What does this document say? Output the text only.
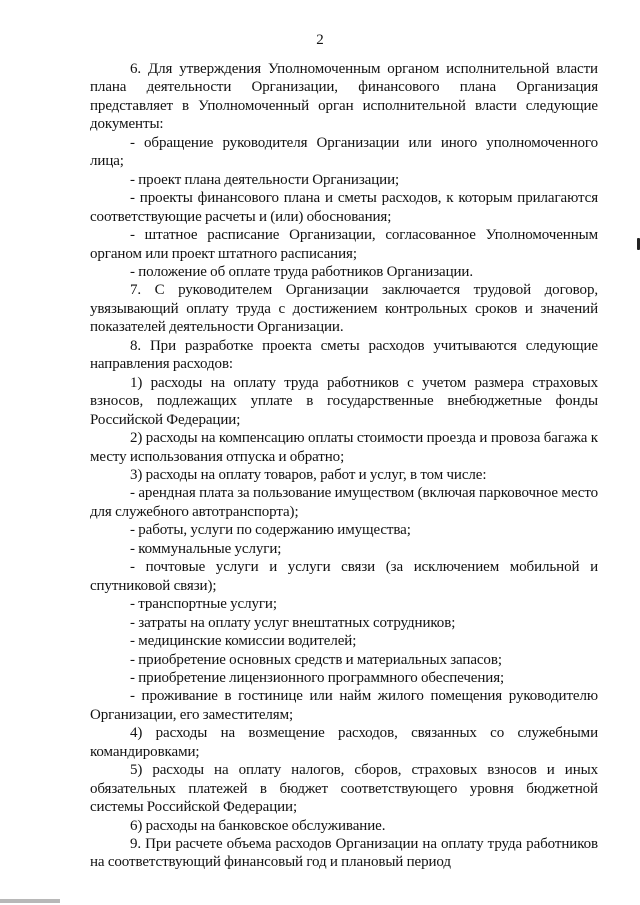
2

6. Для утверждения Уполномоченным органом исполнительной власти плана деятельности Организации, финансового плана Организация представляет в Уполномоченный орган исполнительной власти следующие документы:

- обращение руководителя Организации или иного уполномоченного лица;

- проект плана деятельности Организации;

- проекты финансового плана и сметы расходов, к которым прилагаются соответствующие расчеты и (или) обоснования;

- штатное расписание Организации, согласованное Уполномоченным органом или проект штатного расписания;

- положение об оплате труда работников Организации.

7. С руководителем Организации заключается трудовой договор, увязывающий оплату труда с достижением контрольных сроков и значений показателей деятельности Организации.

8. При разработке проекта сметы расходов учитываются следующие направления расходов:

1) расходы на оплату труда работников с учетом размера страховых взносов, подлежащих уплате в государственные внебюджетные фонды Российской Федерации;

2) расходы на компенсацию оплаты стоимости проезда и провоза багажа к месту использования отпуска и обратно;

3) расходы на оплату товаров, работ и услуг, в том числе:

- арендная плата за пользование имуществом (включая парковочное место для служебного автотранспорта);

- работы, услуги по содержанию имущества;

- коммунальные услуги;

- почтовые услуги и услуги связи (за исключением мобильной и спутниковой связи);

- транспортные услуги;

- затраты на оплату услуг внештатных сотрудников;

- медицинские комиссии водителей;

- приобретение основных средств и материальных запасов;

- приобретение лицензионного программного обеспечения;

- проживание в гостинице или найм жилого помещения руководителю Организации, его заместителям;

4) расходы на возмещение расходов, связанных со служебными командировками;

5) расходы на оплату налогов, сборов, страховых взносов и иных обязательных платежей в бюджет соответствующего уровня бюджетной системы Российской Федерации;

6) расходы на банковское обслуживание.

9. При расчете объема расходов Организации на оплату труда работников на соответствующий финансовый год и плановый период
